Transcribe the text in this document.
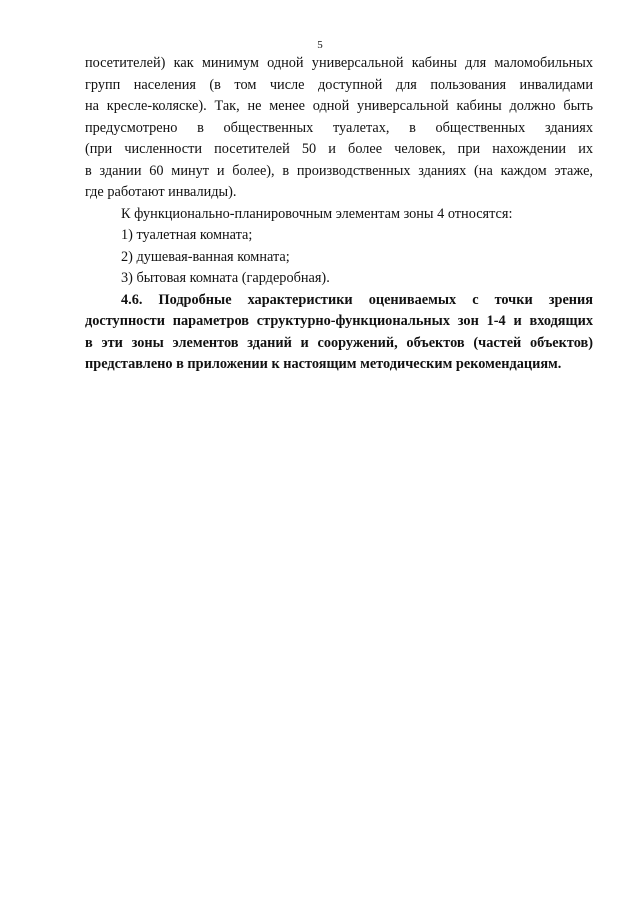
5
посетителей) как минимум одной универсальной кабины для маломобильных
групп населения (в том числе доступной для пользования инвалидами
на кресле-коляске). Так, не менее одной универсальной кабины должно быть
предусмотрено в общественных туалетах, в общественных зданиях
(при численности посетителей 50 и более человек, при нахождении их
в здании 60 минут и более), в производственных зданиях (на каждом этаже,
где работают инвалиды).
К функционально-планировочным элементам зоны 4 относятся:
1) туалетная комната;
2) душевая-ванная комната;
3) бытовая комната (гардеробная).
4.6. Подробные характеристики оцениваемых с точки зрения
доступности параметров структурно-функциональных зон 1-4 и входящих
в эти зоны элементов зданий и сооружений, объектов (частей объектов)
представлено в приложении к настоящим методическим рекомендациям.
